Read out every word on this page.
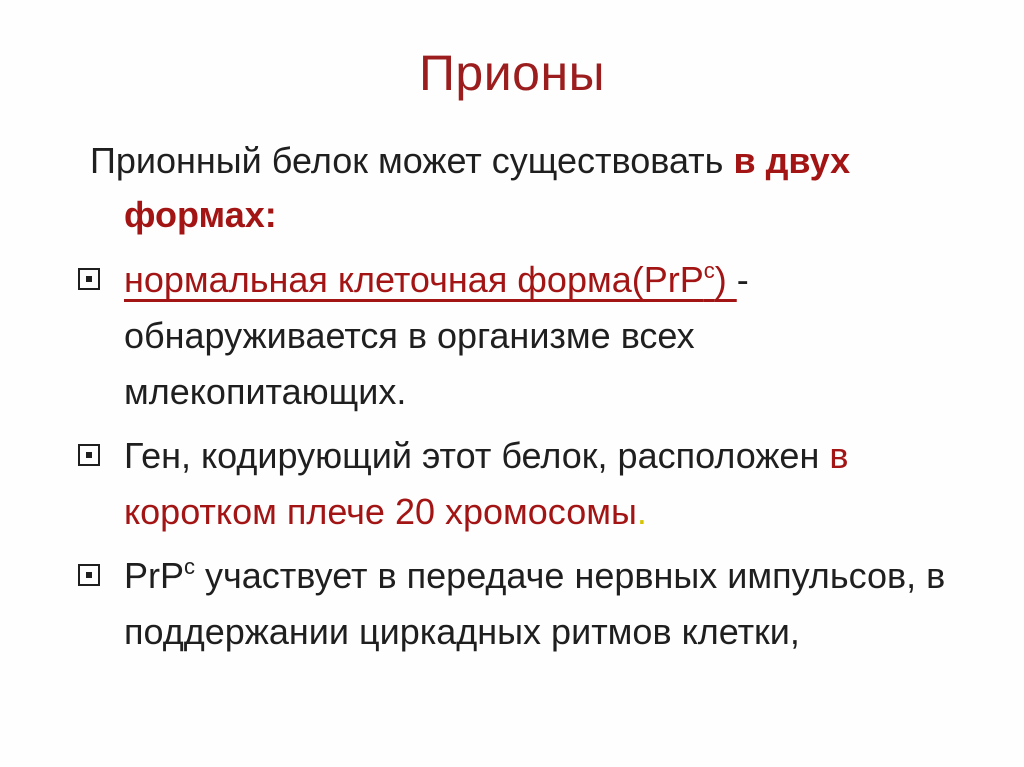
Прионы
Прионный белок может существовать в двух
формах:
нормальная клеточная форма(PrP$^c$) - обнаруживается в организме всех млекопитающих.
Ген, кодирующий этот белок, расположен в коротком плече 20 хромосомы.
PrP$^c$ участвует в передаче нервных импульсов, в поддержании циркадных ритмов клетки,
